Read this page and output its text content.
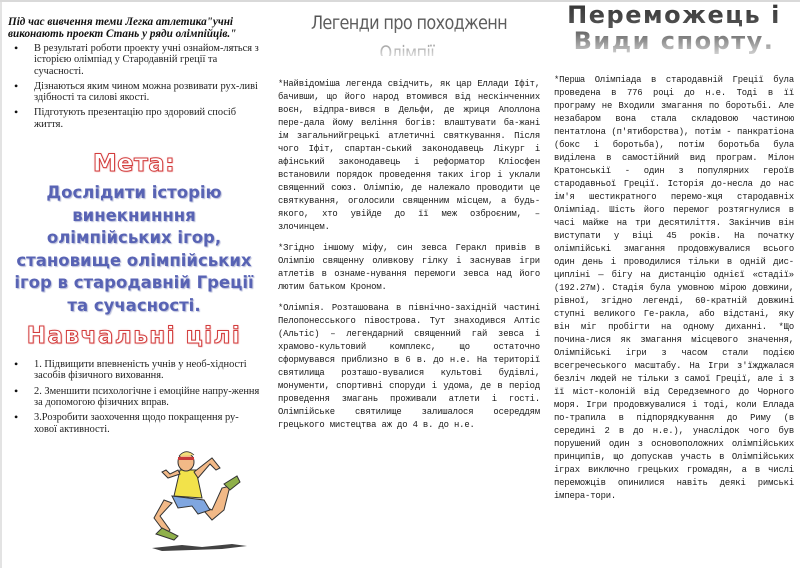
Під час вивчення теми Легка атлетика"учні виконають проект Стань у ряди олімпійців."

• В результаті роботи проекту учні ознайом-ляться з історією олімпіад у Стародавній греції та сучасності.
• Дізнаються яким чином можна розвивати рух-ливі здібності та силові якості.
• Підготують презентацію про здоровий спосіб життя.
Мета:
Дослідити історію винекнинння олімпійських ігор, становище олімпійських ігор в стародавній Греції та сучасності.
Навчальні цілі
• 1. Підвищити впевненість учнів у необ-хідності засобів фізичного виховання.
• 2. Зменшити психологічне і емоційне напру-ження за допомогою фізичних вправ.
• 3.Розробити заохочення щодо покращення ру-хової активності.
Легенди про походженн Олімпії.

*Найвідоміша легенда свідчить, як цар Еллади Іфіт, бачивши, що його народ втомився від нескінченних воєн, відпра-вився в Дельфи, де жриця Аполлона пере-дала йому веління богів: влаштувати ба-жані ім загальнийгрецькі атлетичні святкування. Після чого Іфіт, спартан-ський законодавець Лікург і афінський законодавець і реформатор Кліосфен встановили порядок проведення таких ігор і уклали священний союз. Олімпію, де належало проводити це святкування, оголосили священним місцем, а будь-якого, хто увійде до її меж озброєним, – злочинцем.

*Згідно іншому міфу, син зевса Геракл привів в Олімпію священну оливкову гілку і заснував ігри атлетів в ознаме-нування перемоги зевса над його лютим батьком Кроном.

*Олімпія. Розташована в північно-західній частині Пелопонесського півострова. Тут знаходився Алтіс (Альтіс) – легендарний священний гай зевса і храмово-культовий комплекс, що остаточно сформувався приблизно в 6 в. до н.е. На території святилища розташо-вувалися культові будівлі, монументи, спортивні споруди і удома, де в період проведення змагань проживали атлети і гості. Олімпійське святилище залишалося осереддям грецького мистецтва аж до 4 в. до н.е.

Переможець і
Види спорту.

*Перша Олімпіада в стародавній Греції була проведена в 776 році до н.е. Тоді в її програму не Входили змагання по боротьбі. Але незабаром вона стала складовою частиною пентатлона (п'ятиборства), потім - панкратіона (бокс і боротьба), потім боротьба була виділена в самостійний вид програм. Мілон Кратонськії - один з популярних героїв стародавньої Греції. Історія до-несла до нас ім'я шестикратного перемо-жця стародавніх Олімпіад. Шість його перемог розтягнулися в часі майже на три десятиліття. Закінчив він виступати у віці 45 років. На початку олімпійські змагання продовжувалися всього один день і проводилися тільки в одній дис-ципліні — бігу на дистанцію однієї «стадії» (192.27м). Стадія була умовною мірою довжини, рівної, згідно легенді, 60-кратній довжині ступні великого Ге-ракла, або відстані, яку він міг пробігти на одному диханні. *Що почина-лися як змагання місцевого значення, Олімпійські ігри з часом стали подією всегречеського масштабу. На Ігри з'їжджалася безліч людей не тільки з самої Греції, але і з її міст-колоній від Середземного до Чорного моря. Ігри продовжувалися і тоді, коли Еллада по-трапила в підпорядкування до Риму (в середині 2 в до н.е.), унаслідок чого був порушений один з основоположних олімпійських принципів, що допускав участь в Олімпійських іграх виключно грецьких громадян, а в числі переможців опинилися навіть деякі римські імпера-тори.
